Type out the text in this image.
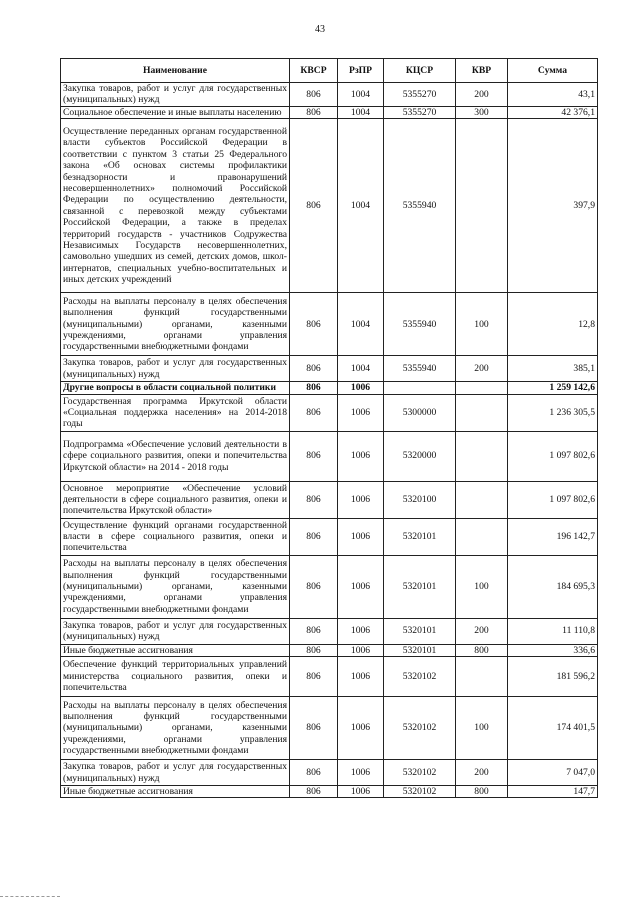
43
Наименование	КВСР	РзПР	КЦСР	КВР	Сумма
Закупка товаров, работ и услуг для государственных (муниципальных) нужд	806	1004	5355270	200	43,1
Социальное обеспечение и иные выплаты населению	806	1004	5355270	300	42 376,1
Осуществление переданных органам государственной власти субъектов Российской Федерации в соответствии с пунктом 3 статьи 25 Федерального закона «Об основах системы профилактики безнадзорности и правонарушений несовершеннолетних» полномочий Российской Федерации по осуществлению деятельности, связанной с перевозкой между субъектами Российской Федерации, а также в пределах территорий государств - участников Содружества Независимых Государств несовершеннолетних, самовольно ушедших из семей, детских домов, школ-интернатов, специальных учебно-воспитательных и иных детских учреждений	806	1004	5355940		397,9
Расходы на выплаты персоналу в целях обеспечения выполнения функций государственными (муниципальными) органами, казенными учреждениями, органами управления государственными внебюджетными фондами	806	1004	5355940	100	12,8
Закупка товаров, работ и услуг для государственных (муниципальных) нужд	806	1004	5355940	200	385,1
Другие вопросы в области социальной политики	806	1006			1 259 142,6
Государственная программа Иркутской области «Социальная поддержка населения» на 2014-2018 годы	806	1006	5300000		1 236 305,5
Подпрограмма «Обеспечение условий деятельности в сфере социального развития, опеки и попечительства Иркутской области» на 2014 - 2018 годы	806	1006	5320000		1 097 802,6
Основное мероприятие «Обеспечение условий деятельности в сфере социального развития, опеки и попечительства Иркутской области»	806	1006	5320100		1 097 802,6
Осуществление функций органами государственной власти в сфере социального развития, опеки и попечительства	806	1006	5320101		196 142,7
Расходы на выплаты персоналу в целях обеспечения выполнения функций государственными (муниципальными) органами, казенными учреждениями, органами управления государственными внебюджетными фондами	806	1006	5320101	100	184 695,3
Закупка товаров, работ и услуг для государственных (муниципальных) нужд	806	1006	5320101	200	11 110,8
Иные бюджетные ассигнования	806	1006	5320101	800	336,6
Обеспечение функций территориальных управлений министерства социального развития, опеки и попечительства	806	1006	5320102		181 596,2
Расходы на выплаты персоналу в целях обеспечения выполнения функций государственными (муниципальными) органами, казенными учреждениями, органами управления государственными внебюджетными фондами	806	1006	5320102	100	174 401,5
Закупка товаров, работ и услуг для государственных (муниципальных) нужд	806	1006	5320102	200	7 047,0
Иные бюджетные ассигнования	806	1006	5320102	800	147,7
